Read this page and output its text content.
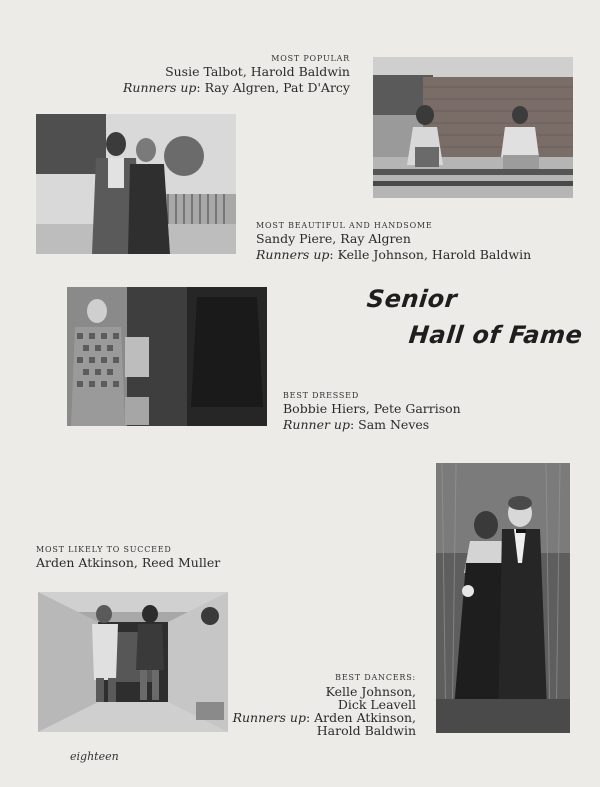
MOST POPULAR
Susie Talbot, Harold Baldwin
Runners up: Ray Algren, Pat D'Arcy
MOST BEAUTIFUL AND HANDSOME
Sandy Piere, Ray Algren
Runners up: Kelle Johnson, Harold Baldwin
Senior
Hall of Fame
BEST DRESSED
Bobbie Hiers, Pete Garrison
Runner up: Sam Neves
MOST LIKELY TO SUCCEED
Arden Atkinson, Reed Muller
BEST DANCERS:
Kelle Johnson,
Dick Leavell
Runners up: Arden Atkinson,
Harold Baldwin
eighteen
